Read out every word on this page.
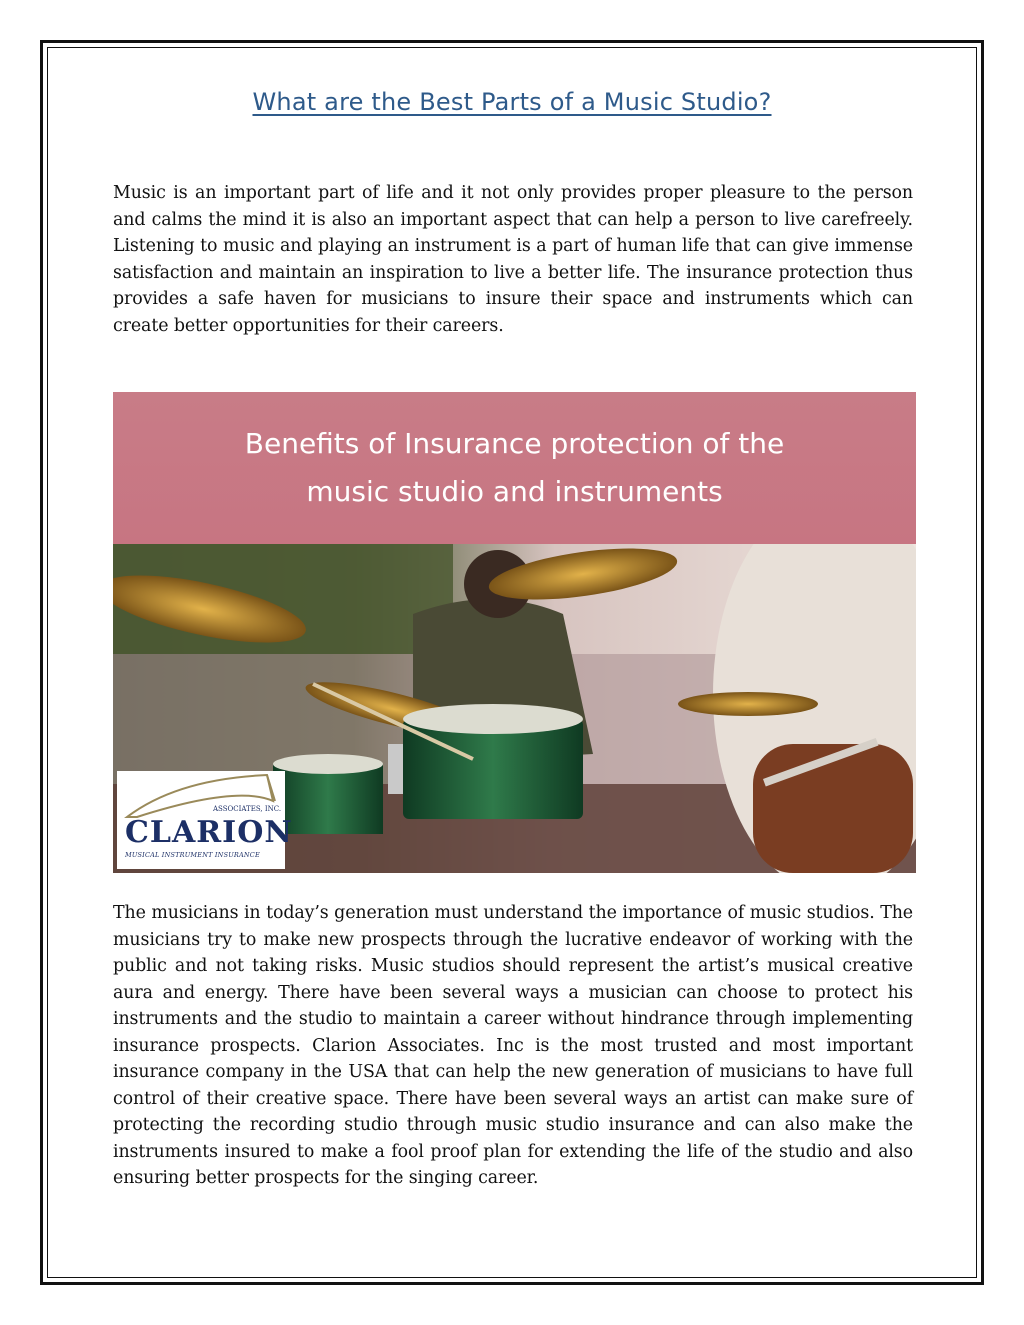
What are the Best Parts of a Music Studio?

Music is an important part of life and it not only provides proper pleasure to the person and calms the mind it is also an important aspect that can help a person to live carefreely. Listening to music and playing an instrument is a part of human life that can give immense satisfaction and maintain an inspiration to live a better life. The insurance protection thus provides a safe haven for musicians to insure their space and instruments which can create better opportunities for their careers.

Benefits of Insurance protection of the
music studio and instruments
ASSOCIATES, INC.
CLARION
MUSICAL INSTRUMENT INSURANCE

The musicians in today’s generation must understand the importance of music studios. The musicians try to make new prospects through the lucrative endeavor of working with the public and not taking risks. Music studios should represent the artist’s musical creative aura and energy. There have been several ways a musician can choose to protect his instruments and the studio to maintain a career without hindrance through implementing insurance prospects. Clarion Associates. Inc is the most trusted and most important insurance company in the USA that can help the new generation of musicians to have full control of their creative space. There have been several ways an artist can make sure of protecting the recording studio through music studio insurance and can also make the instruments insured to make a fool proof plan for extending the life of the studio and also ensuring better prospects for the singing career.
